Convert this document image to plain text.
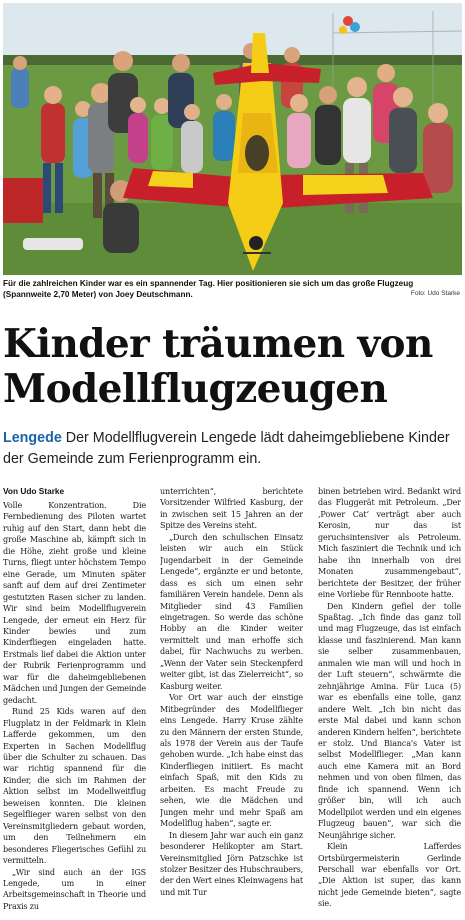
Für die zahlreichen Kinder war es ein spannender Tag. Hier positionieren sie sich um das große Flugzeug (Spannweite 2,70 Meter) von Joey Deutschmann.	Foto: Udo Starke
Kinder träumen von Modellflugzeugen
Lengede Der Modellflugverein Lengede lädt daheimgebliebene Kinder der Gemeinde zum Ferienprogramm ein.
Von Udo Starke

Volle Konzentration. Die Fernbedienung des Piloten wartet ruhig auf den Start, dann hebt die große Maschine ab, kämpft sich in die Höhe, zieht große und kleine Turns, fliegt unter höchstem Tempo eine Gerade, um Minuten später sanft auf dem auf drei Zentimeter gestutzten Rasen sicher zu landen. Wir sind beim Modellflugverein Lengede, der erneut ein Herz für Kinder bewies und zum Kinderfliegen eingeladen hatte. Erstmals lief dabei die Aktion unter der Rubrik Ferienprogramm und war für die daheimgebliebenen Mädchen und Jungen der Gemeinde gedacht.

Rund 25 Kids waren auf den Flugplatz in der Feldmark in Klein Lafferde gekommen, um den Experten in Sachen Modellflug über die Schulter zu schauen. Das war richtig spannend für die Kinder, die sich im Rahmen der Aktion selbst im Modellweitflug beweisen konnten. Die kleinen Segelflieger waren selbst von den Vereinsmitgliedern gebaut worden, um den Teilnehmern ein besonderes Fliegerisches Gefühl zu vermitteln.

„Wir sind auch an der IGS Lengede, um in einer Arbeitsgemeinschaft in Theorie und Praxis zu

unterrichten“, berichtete Vorsitzender Wilfried Kasburg, der in zwischen seit 15 Jahren an der Spitze des Vereins steht.

„Durch den schulischen Einsatz leisten wir auch ein Stück Jugendarbeit in der Gemeinde Lengede“, ergänzte er und betonte, dass es sich um einen sehr familiären Verein handele. Denn als Mitglieder sind 43 Familien eingetragen. So werde das schöne Hobby an die Kinder weiter vermittelt und man erhoffe sich dabei, für Nachwuchs zu werben. „Wenn der Vater sein Steckenpferd weiter gibt, ist das Zielerreicht“, so Kasburg weiter.

Vor Ort war auch der einstige Mitbegründer des Modellflieger eins Lengede. Harry Kruse zählte zu den Männern der ersten Stunde, als 1978 der Verein aus der Taufe gehoben wurde. „Ich habe einst das Kinderfliegen initiiert. Es macht einfach Spaß, mit den Kids zu arbeiten. Es macht Freude zu sehen, wie die Mädchen und Jungen mehr und mehr Spaß am Modellflug haben“, sagte er.

In diesem Jahr war auch ein ganz besonderer Helikopter am Start. Vereinsmitglied Jörn Patzschke ist stolzer Besitzer des Hubschraubers, der den Wert eines Kleinwagens hat und mit Tur

binen betrieben wird. Bedankt wird das Fluggerät mit Petroleum. „Der ‚Power Cat‘ verträgt aber auch Kerosin, nur das ist geruchsintensiver als Petroleum. Mich fasziniert die Technik und ich habe ihn innerhalb von drei Monaten zusammengebaut“, berichtete der Besitzer, der früher eine Vorliebe für Rennboote hatte.

Den Kindern gefiel der tolle Spaßtag. „Ich finde das ganz toll und mag Flugzeuge, das ist einfach klasse und faszinierend. Man kann sie selber zusammenbauen, anmalen wie man will und hoch in der Luft steuern“, schwärmte die zehnjährige Amina. Für Luca (5) war es ebenfalls eine tolle, ganz andere Welt. „Ich bin nicht das erste Mal dabei und kann schon anderen Kindern helfen“, berichtete er stolz. Und Bianca's Vater ist selbst Modellflieger. „Man kann auch eine Kamera mit an Bord nehmen und von oben filmen, das finde ich spannend. Wenn ich größer bin, will ich auch Modellpilot werden und ein eigenes Flugzeug bauen“, war sich die Neunjährige sicher.

Klein Lafferdes Ortsbürgermeisterin Gerlinde Perschall war ebenfalls vor Ort. „Die Aktion ist super, das kann nicht jede Gemeinde bieten“, sagte sie.
